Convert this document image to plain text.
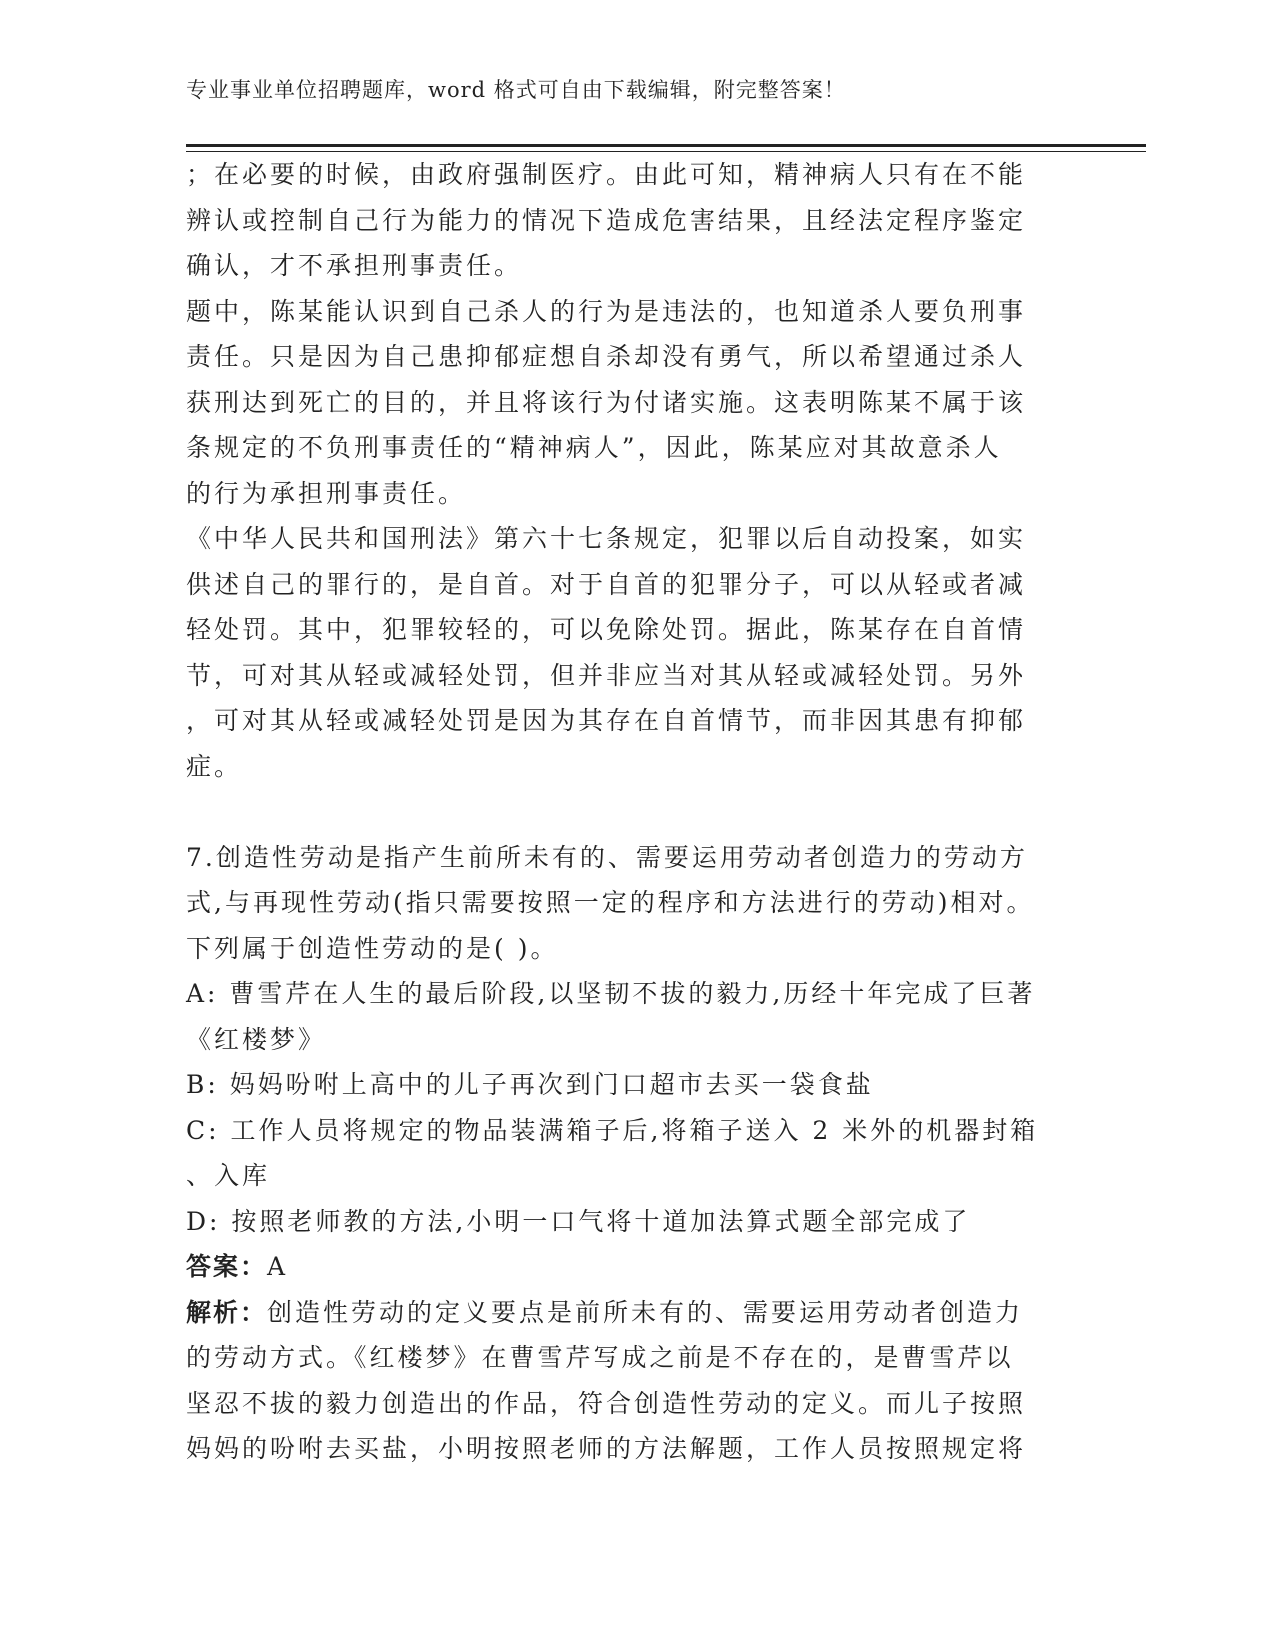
专业事业单位招聘题库，word 格式可自由下载编辑，附完整答案！
；在必要的时候，由政府强制医疗。由此可知，精神病人只有在不能
辨认或控制自己行为能力的情况下造成危害结果，且经法定程序鉴定
确认，才不承担刑事责任。
题中，陈某能认识到自己杀人的行为是违法的，也知道杀人要负刑事
责任。只是因为自己患抑郁症想自杀却没有勇气，所以希望通过杀人
获刑达到死亡的目的，并且将该行为付诸实施。这表明陈某不属于该
条规定的不负刑事责任的“精神病人”，因此，陈某应对其故意杀人
的行为承担刑事责任。
《中华人民共和国刑法》第六十七条规定，犯罪以后自动投案，如实
供述自己的罪行的，是自首。对于自首的犯罪分子，可以从轻或者减
轻处罚。其中，犯罪较轻的，可以免除处罚。据此，陈某存在自首情
节，可对其从轻或减轻处罚，但并非应当对其从轻或减轻处罚。另外
，可对其从轻或减轻处罚是因为其存在自首情节，而非因其患有抑郁
症。
7.创造性劳动是指产生前所未有的、需要运用劳动者创造力的劳动方
式,与再现性劳动(指只需要按照一定的程序和方法进行的劳动)相对。
下列属于创造性劳动的是( )。
A: 曹雪芹在人生的最后阶段,以坚韧不拔的毅力,历经十年完成了巨著
《红楼梦》
B: 妈妈吩咐上高中的儿子再次到门口超市去买一袋食盐
C: 工作人员将规定的物品装满箱子后,将箱子送入 2 米外的机器封箱
、入库
D: 按照老师教的方法,小明一口气将十道加法算式题全部完成了
答案：A
解析：创造性劳动的定义要点是前所未有的、需要运用劳动者创造力
的劳动方式。《红楼梦》在曹雪芹写成之前是不存在的，是曹雪芹以
坚忍不拔的毅力创造出的作品，符合创造性劳动的定义。而儿子按照
妈妈的吩咐去买盐，小明按照老师的方法解题，工作人员按照规定将
